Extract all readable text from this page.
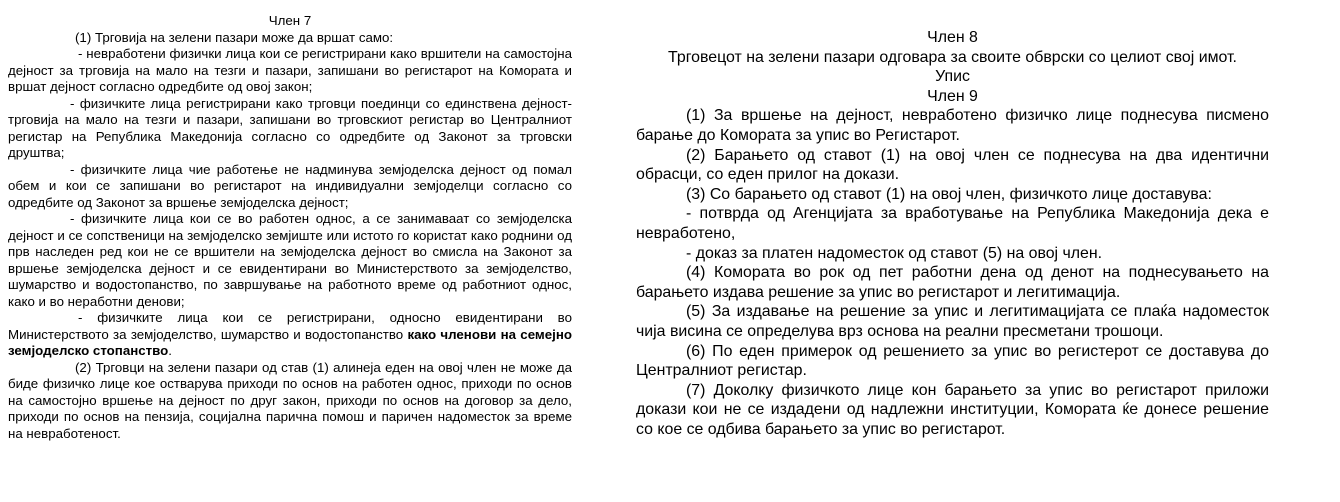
Член 7

(1) Трговија на зелени пазари може да вршат само:

- невработени физички лица кои се регистрирани како вршители на самостојна дејност за трговија на мало на тезги и пазари, запишани во регистарот на Комората и вршат дејност согласно одредбите од овој закон;

- физичките лица регистрирани како трговци поединци со единствена дејност-трговија на мало на тезги и пазари, запишани во трговскиот регистар во Централниот регистар на Република Македонија согласно со одредбите од Законот за трговски друштва;

- физичките лица чие работење не надминува земјоделска дејност од помал обем и кои се запишани во регистарот на индивидуални земјоделци согласно со одредбите од Законот за вршење земјоделска дејност;

- физичките лица кои се во работен однос, а се занимаваат со земјоделска дејност и се сопственици на земјоделско земјиште или истото го користат како роднини од прв наследен ред кои не се вршители на земјоделска дејност во смисла на Законот за вршење земјоделска дејност и се евидентирани во Министерството за земјоделство, шумарство и водостопанство, по завршување на работното време од работниот однос, како и во неработни денови;

- физичките лица кои се регистрирани, односно евидентирани во Министерството за земјоделство, шумарство и водостопанство како членови на семејно земјоделско стопанство.

(2) Трговци на зелени пазари од став (1) алинеја еден на овој член не може да биде физичко лице кое остварува приходи по основ на работен однос, приходи по основ на самостојно вршење на дејност по друг закон, приходи по основ на договор за дело, приходи по основ на пензија, социјална парична помош и паричен надоместок за време на невработеност.

Член 8
Трговецот на зелени пазари одговара за своите обврски со целиот свој имот.
Упис
Член 9

(1) За вршење на дејност, невработено физичко лице поднесува писмено барање до Комората за упис во Регистарот.

(2) Барањето од ставот (1) на овој член се поднесува на два идентични обрасци, со еден прилог на докази.

(3) Со барањето од ставот (1) на овој член, физичкото лице доставува:

- потврда од Агенцијата за вработување на Република Македонија дека е невработено,

- доказ за платен надоместок од ставот (5) на овој член.

(4) Комората во рок од пет работни дена од денот на поднесувањето на барањето издава решение за упис во регистарот и легитимација.

(5) За издавање на решение за упис и легитимацијата се плаќа надоместок чија висина се определува врз основа на реални пресметани трошоци.

(6) По еден примерок од решението за упис во регистерот се доставува до Централниот регистар.

(7) Доколку физичкото лице кон барањето за упис во регистарот приложи докази кои не се издадени од надлежни институции, Комората ќе донесе решение со кое се одбива барањето за упис во регистарот.
